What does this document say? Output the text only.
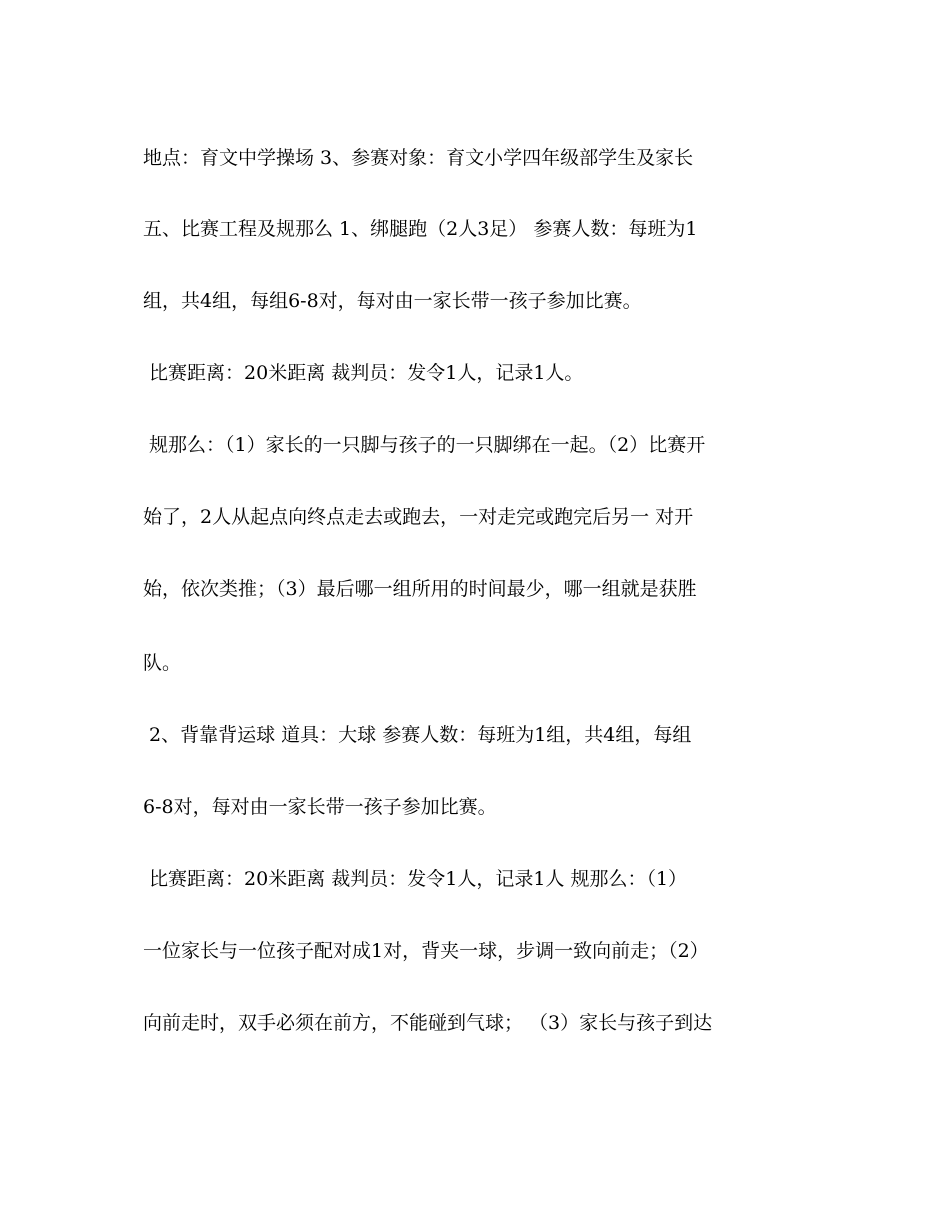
地点：育文中学操场 3、参赛对象：育文小学四年级部学生及家长
五、比赛工程及规那么 1、绑腿跑（2人3足） 参赛人数：每班为1
组，共4组，每组6-8对，每对由一家长带一孩子参加比赛。
比赛距离：20米距离 裁判员：发令1人，记录1人。
规那么：（1）家长的一只脚与孩子的一只脚绑在一起。（2）比赛开
始了，2人从起点向终点走去或跑去，一对走完或跑完后另一 对开
始，依次类推；（3）最后哪一组所用的时间最少，哪一组就是获胜
队。
2、背靠背运球 道具：大球 参赛人数：每班为1组，共4组，每组
6-8对，每对由一家长带一孩子参加比赛。
比赛距离：20米距离 裁判员：发令1人，记录1人 规那么：（1）
一位家长与一位孩子配对成1对，背夹一球，步调一致向前走；（2）
向前走时，双手必须在前方，不能碰到气球； （3）家长与孩子到达
